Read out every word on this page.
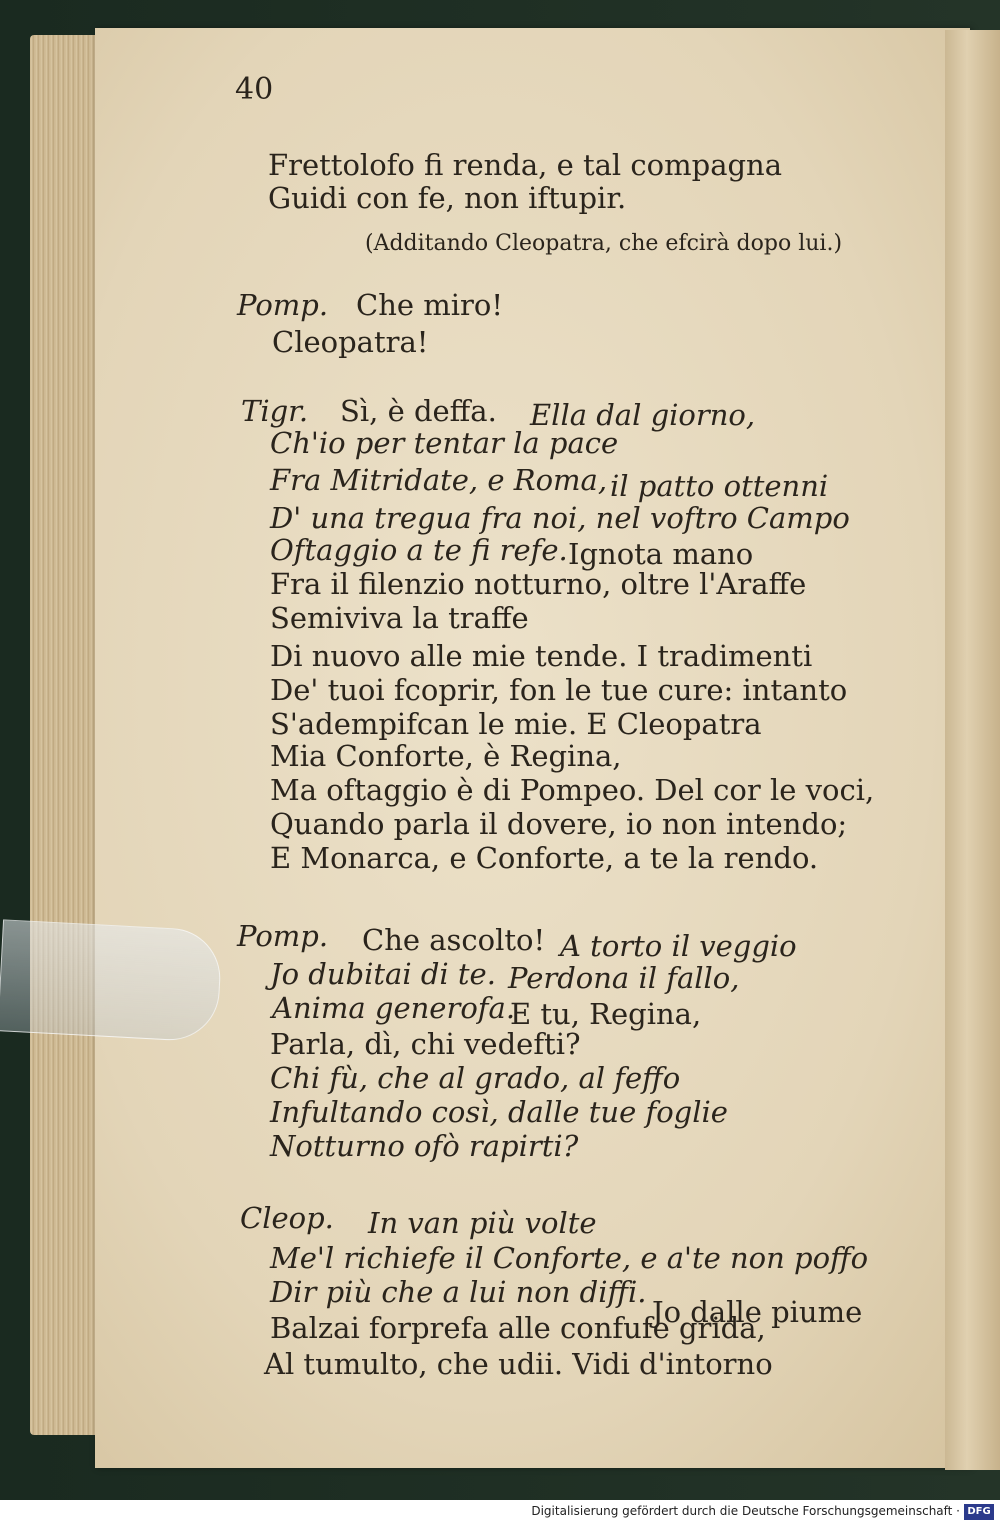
40
Frettolofo fi renda, e tal compagna
Guidi con fe, non iftupir.
(Additando Cleopatra, che efcirà dopo lui.)
Pomp. Che miro!
Cleopatra!
Tigr. Sì, è deffa. Ella dal giorno,
Ch'io per tentar la pace
Fra Mitridate, e Roma, il patto ottenni
D' una tregua fra noi, nel voftro Campo
Oftaggio a te fi refe. Ignota mano
Fra il filenzio notturno, oltre l'Araffe
Semiviva la traffe
Di nuovo alle mie tende. I tradimenti
De' tuoi fcoprir, fon le tue cure: intanto
S'adempifcan le mie. E Cleopatra
Mia Conforte, è Regina,
Ma oftaggio è di Pompeo. Del cor le voci,
Quando parla il dovere, io non intendo;
E Monarca, e Conforte, a te la rendo.
Pomp. Che ascolto! A torto il veggio
Jo dubitai di te. Perdona il fallo,
Anima generofa.
E tu, Regina,
Parla, dì, chi vedefti?
Chi fù, che al grado, al feffo
Infultando così, dalle tue foglie
Notturno ofò rapirti?
Cleop. In van più volte
Me'l richiefe il Conforte, e a'te non poffo
Dir più che a lui non diffi.
Jo dalle piume
Balzai forprefa alle confufe grida,
Al tumulto, che udii. Vidi d'intorno
Digitalisierung gefördert durch die Deutsche Forschungsgemeinschaft · DFG
